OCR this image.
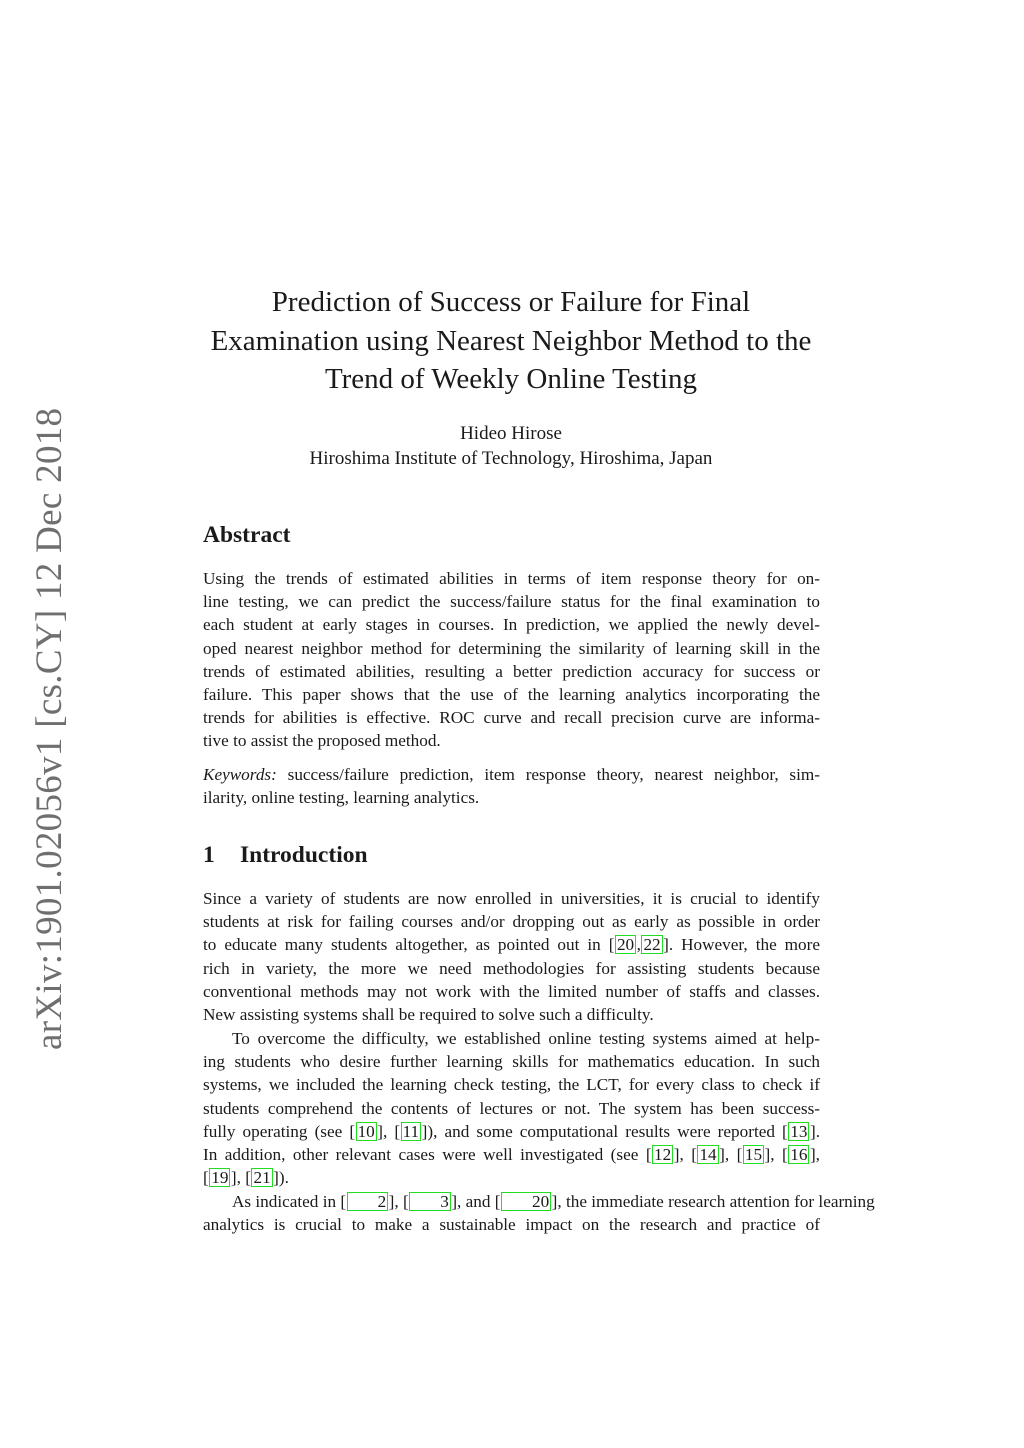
arXiv:1901.02056v1 [cs.CY] 12 Dec 2018
Prediction of Success or Failure for Final
Examination using Nearest Neighbor Method to the
Trend of Weekly Online Testing
Hideo Hirose
Hiroshima Institute of Technology, Hiroshima, Japan
Abstract

Using the trends of estimated abilities in terms of item response theory for on-
line testing, we can predict the success/failure status for the final examination to
each student at early stages in courses. In prediction, we applied the newly devel-
oped nearest neighbor method for determining the similarity of learning skill in the
trends of estimated abilities, resulting a better prediction accuracy for success or
failure. This paper shows that the use of the learning analytics incorporating the
trends for abilities is effective. ROC curve and recall precision curve are informa-
tive to assist the proposed method.

Keywords: success/failure prediction, item response theory, nearest neighbor, sim-
ilarity, online testing, learning analytics.

1 Introduction

Since a variety of students are now enrolled in universities, it is crucial to identify
students at risk for failing courses and/or dropping out as early as possible in order
to educate many students altogether, as pointed out in [ 20 , 22 ]. However, the more
rich in variety, the more we need methodologies for assisting students because
conventional methods may not work with the limited number of staffs and classes.
New assisting systems shall be required to solve such a difficulty.

To overcome the difficulty, we established online testing systems aimed at help-
ing students who desire further learning skills for mathematics education. In such
systems, we included the learning check testing, the LCT, for every class to check if
students comprehend the contents of lectures or not. The system has been success-
fully operating (see [ 10 ], [ 11 ]), and some computational results were reported [ 13 ].
In addition, other relevant cases were well investigated (see [ 12 ], [ 14 ], [ 15 ], [ 16 ],
[ 19 ], [ 21 ]).

As indicated in [ 2 ], [ 3 ], and [ 20 ], the immediate research attention for learning
analytics is crucial to make a sustainable impact on the research and practice of
